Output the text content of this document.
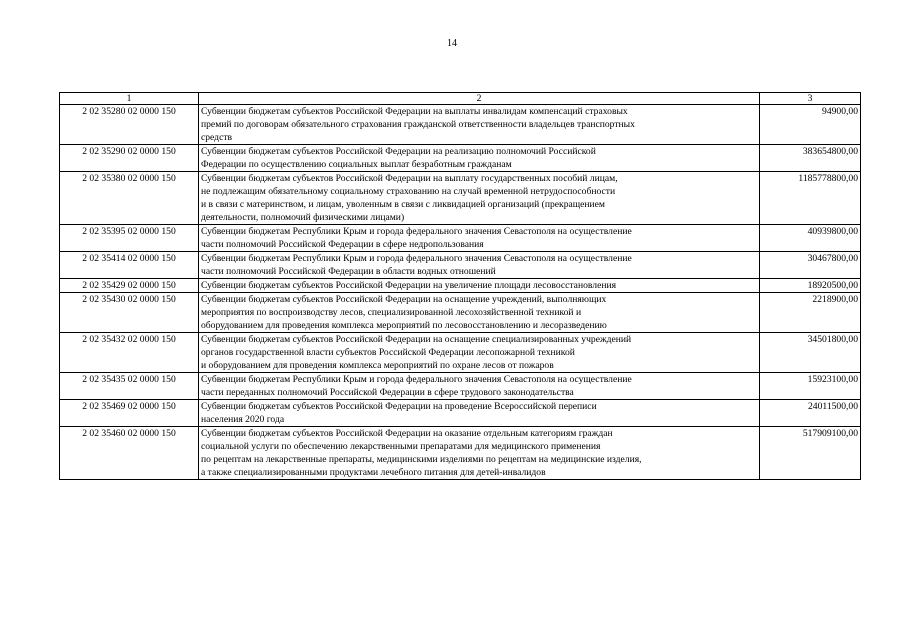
14
1	2	3
2 02 35280 02 0000 150	Субвенции бюджетам субъектов Российской Федерации на выплаты инвалидам компенсаций страховых
премий по договорам обязательного страхования гражданской ответственности владельцев транспортных
средств	94900,00
2 02 35290 02 0000 150	Субвенции бюджетам субъектов Российской Федерации на реализацию полномочий Российской
Федерации по осуществлению социальных выплат безработным гражданам	383654800,00
2 02 35380 02 0000 150	Субвенции бюджетам субъектов Российской Федерации на выплату государственных пособий лицам,
не подлежащим обязательному социальному страхованию на случай временной нетрудоспособности
и в связи с материнством, и лицам, уволенным в связи с ликвидацией организаций (прекращением
деятельности, полномочий физическими лицами)	1185778800,00
2 02 35395 02 0000 150	Субвенции бюджетам Республики Крым и города федерального значения Севастополя на осуществление
части полномочий Российской Федерации в сфере недропользования	40939800,00
2 02 35414 02 0000 150	Субвенции бюджетам Республики Крым и города федерального значения Севастополя на осуществление
части полномочий Российской Федерации в области водных отношений	30467800,00
2 02 35429 02 0000 150	Субвенции бюджетам субъектов Российской Федерации на увеличение площади лесовосстановления	18920500,00
2 02 35430 02 0000 150	Субвенции бюджетам субъектов Российской Федерации на оснащение учреждений, выполняющих
мероприятия по воспроизводству лесов, специализированной лесохозяйственной техникой и
оборудованием для проведения комплекса мероприятий по лесовосстановлению и лесоразведению	2218900,00
2 02 35432 02 0000 150	Субвенции бюджетам субъектов Российской Федерации на оснащение специализированных учреждений
органов государственной власти субъектов Российской Федерации лесопожарной техникой
и оборудованием для проведения комплекса мероприятий по охране лесов от пожаров	34501800,00
2 02 35435 02 0000 150	Субвенции бюджетам Республики Крым и города федерального значения Севастополя на осуществление
части переданных полномочий Российской Федерации в сфере трудового законодательства	15923100,00
2 02 35469 02 0000 150	Субвенции бюджетам субъектов Российской Федерации на проведение Всероссийской переписи
населения 2020 года	24011500,00
2 02 35460 02 0000 150	Субвенции бюджетам субъектов Российской Федерации на оказание отдельным категориям граждан
социальной услуги по обеспечению лекарственными препаратами для медицинского применения
по рецептам на лекарственные препараты, медицинскими изделиями по рецептам на медицинские изделия,
а также специализированными продуктами лечебного питания для детей-инвалидов	517909100,00
